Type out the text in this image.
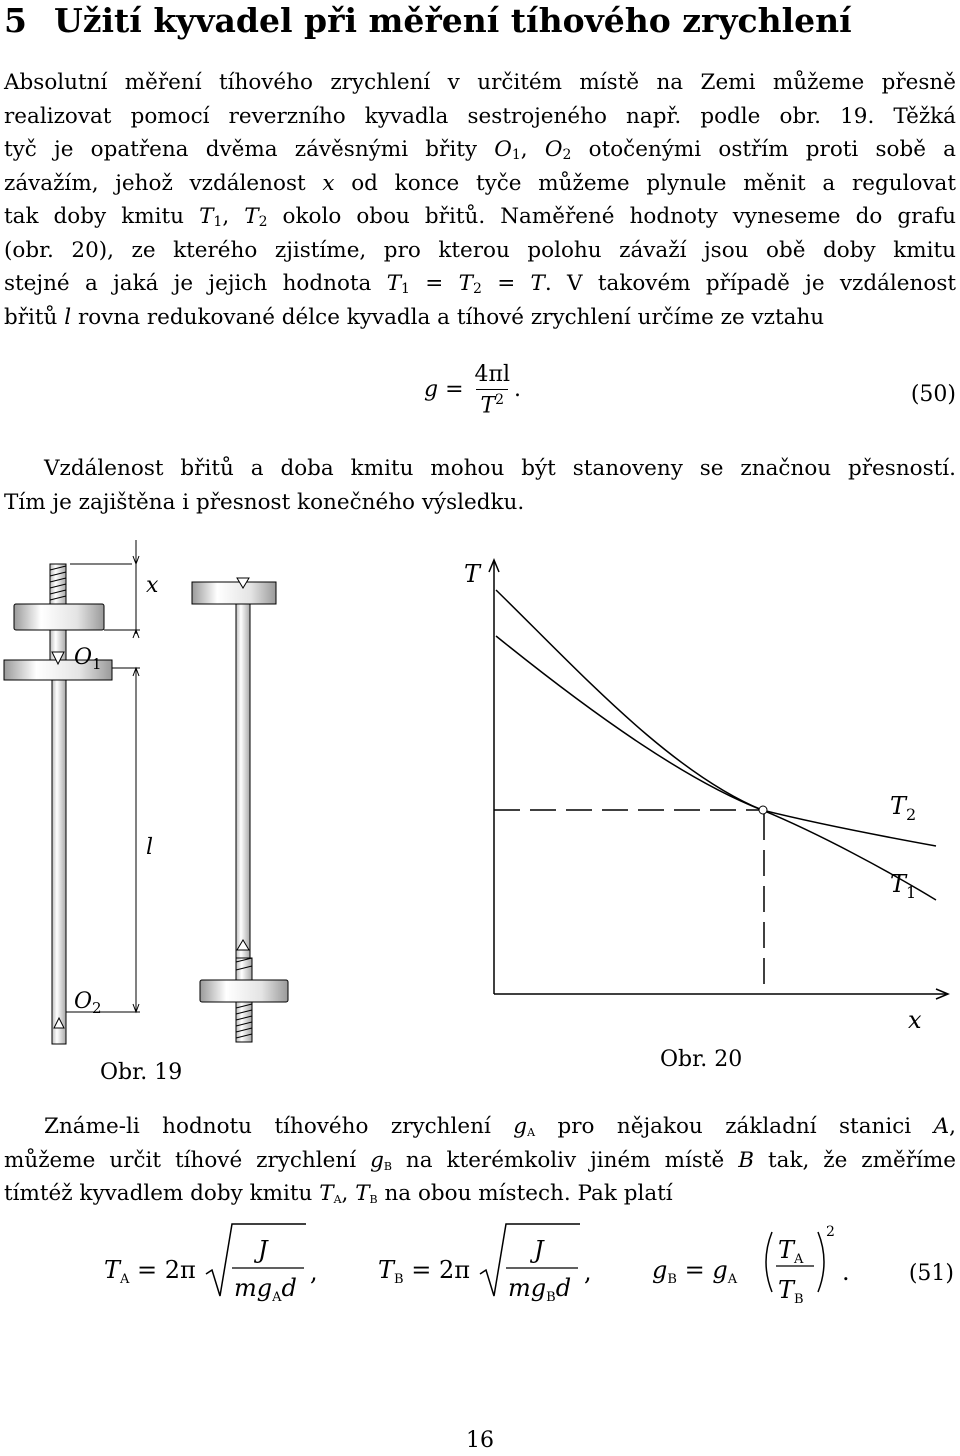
5 Užití kyvadel při měření tíhového zrychlení
Absolutní měření tíhového zrychlení v určitém místě na Zemi můžeme přesně
realizovat pomocí reverzního kyvadla sestrojeného např. podle obr. 19. Těžká
tyč je opatřena dvěma závěsnými břity $O_1$, $O_2$ otočenými ostřím proti sobě a
závažím, jehož vzdálenost x od konce tyče můžeme plynule měnit a regulovat
tak doby kmitu $T_1$, $T_2$ okolo obou břitů. Naměřené hodnoty vyneseme do grafu
(obr. 20), ze kterého zjistíme, pro kterou polohu závaží jsou obě doby kmitu
stejné a jaká je jejich hodnota $T_1 = T_2 = T$. V takovém případě je vzdálenost
břitů l rovna redukované délce kyvadla a tíhové zrychlení určíme ze vztahu
$g = \frac{4\pi l}{T^2}$ .	(50)
Vzdálenost břitů a doba kmitu mohou být stanoveny se značnou přesností.
Tím je zajištěna i přesnost konečného výsledku.
x
$O_1$
l
$O_2$
Obr. 19
T
x
$T_2$
$T_1$
Obr. 20
Známe-li hodnotu tíhového zrychlení $g_A$ pro nějakou základní stanici A,
můžeme určit tíhové zrychlení $g_B$ na kterémkoliv jiném místě B tak, že změříme
tímtéž kyvadlem doby kmitu $T_A$, $T_B$ na obou místech. Pak platí
$T_A = 2\pi$
J
$mg_Ad$
,	$T_B = 2\pi$
J
$mg_Bd$
,	$g_B = g_A$
$T_A$
$T_B$
2
.	(51)
16
